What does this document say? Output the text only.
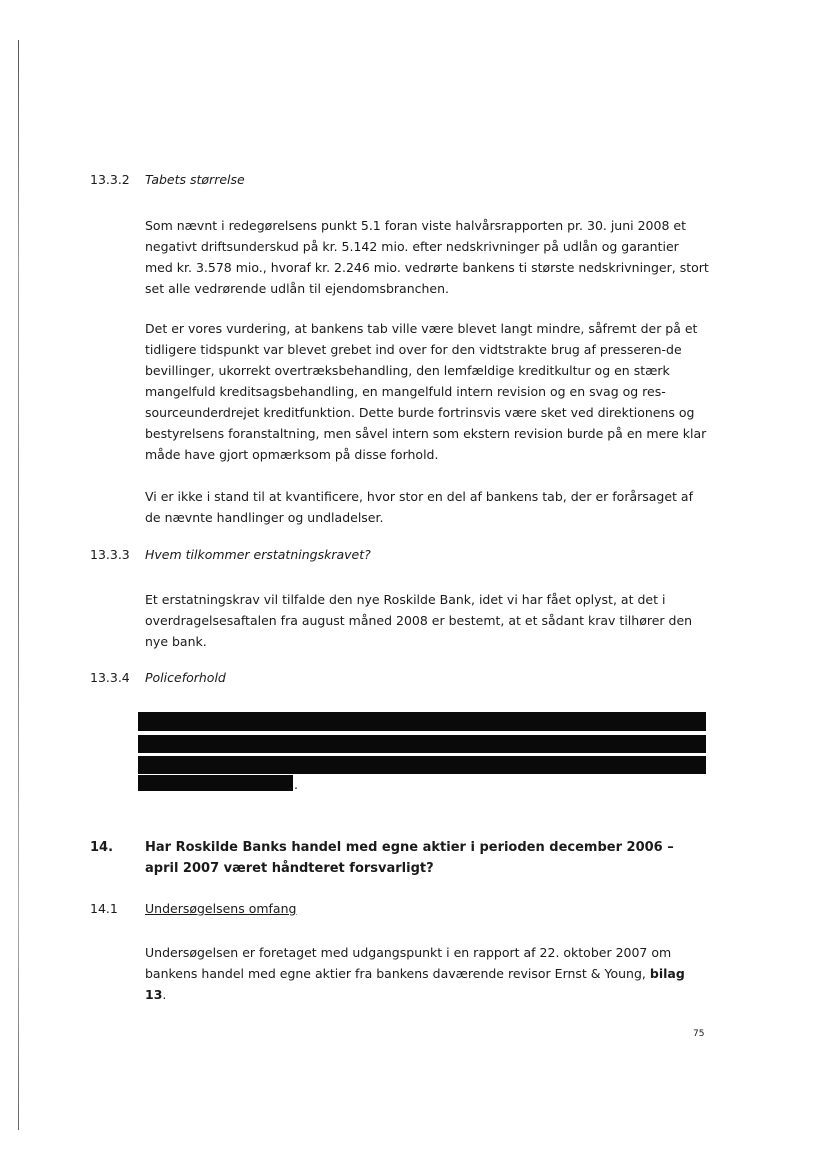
13.3.2 Tabets størrelse
Som nævnt i redegørelsens punkt 5.1 foran viste halvårsrapporten pr. 30. juni 2008 et negativt driftsunderskud på kr. 5.142 mio. efter nedskrivninger på udlån og garantier med kr. 3.578 mio., hvoraf kr. 2.246 mio. vedrørte bankens ti største nedskrivninger, stort set alle vedrørende udlån til ejendomsbranchen.
Det er vores vurdering, at bankens tab ville være blevet langt mindre, såfremt der på et tidligere tidspunkt var blevet grebet ind over for den vidtstrakte brug af presseren-de bevillinger, ukorrekt overtræksbehandling, den lemfældige kreditkultur og en stærk mangelfuld kreditsagsbehandling, en mangelfuld intern revision og en svag og res-sourceunderdrejet kreditfunktion. Dette burde fortrinsvis være sket ved direktionens og bestyrelsens foranstaltning, men såvel intern som ekstern revision burde på en mere klar måde have gjort opmærksom på disse forhold.
Vi er ikke i stand til at kvantificere, hvor stor en del af bankens tab, der er forårsaget af de nævnte handlinger og undladelser.
13.3.3 Hvem tilkommer erstatningskravet?
Et erstatningskrav vil tilfalde den nye Roskilde Bank, idet vi har fået oplyst, at det i overdragelsesaftalen fra august måned 2008 er bestemt, at et sådant krav tilhører den nye bank.
13.3.4 Policeforhold
.
14. Har Roskilde Banks handel med egne aktier i perioden december 2006 – april 2007 været håndteret forsvarligt?
14.1 Undersøgelsens omfang
Undersøgelsen er foretaget med udgangspunkt i en rapport af 22. oktober 2007 om bankens handel med egne aktier fra bankens daværende revisor Ernst & Young, bilag 13.
75
